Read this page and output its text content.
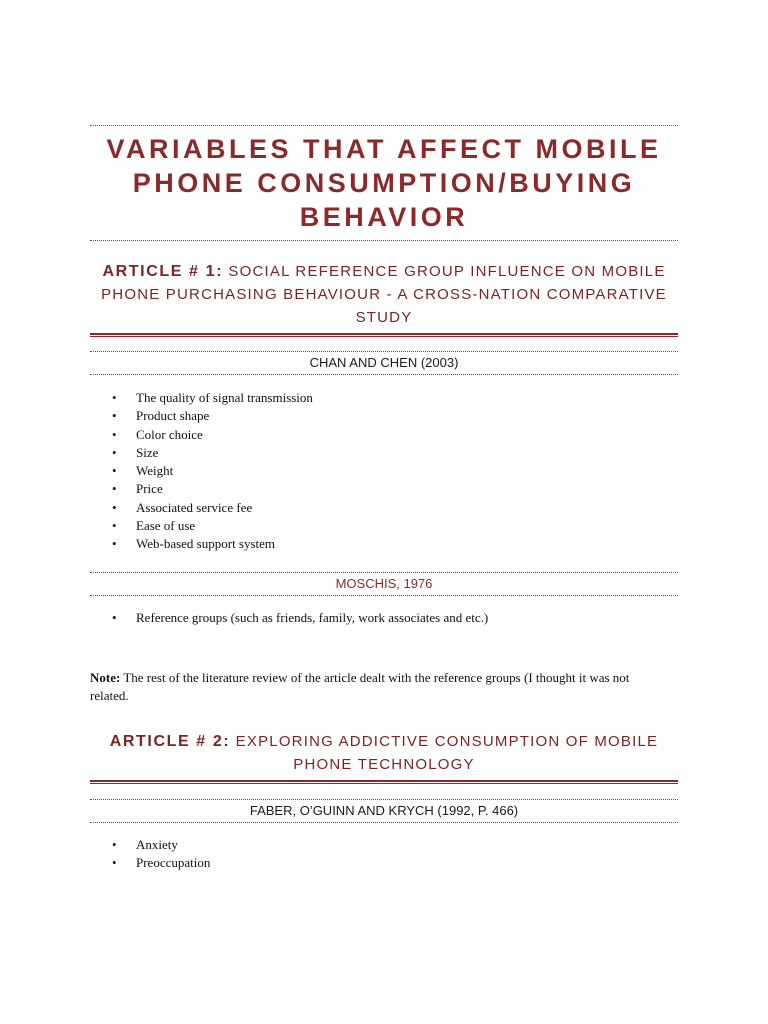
VARIABLES THAT AFFECT MOBILE PHONE CONSUMPTION/BUYING BEHAVIOR

ARTICLE # 1: SOCIAL REFERENCE GROUP INFLUENCE ON MOBILE PHONE PURCHASING BEHAVIOUR - A CROSS-NATION COMPARATIVE STUDY

CHAN AND CHEN (2003)
• The quality of signal transmission
• Product shape
• Color choice
• Size
• Weight
• Price
• Associated service fee
• Ease of use
• Web-based support system
MOSCHIS, 1976
• Reference groups (such as friends, family, work associates and etc.)

Note: The rest of the literature review of the article dealt with the reference groups (I thought it was not related.

ARTICLE # 2: EXPLORING ADDICTIVE CONSUMPTION OF MOBILE PHONE TECHNOLOGY

FABER, O’GUINN AND KRYCH (1992, P. 466)
• Anxiety
• Preoccupation
